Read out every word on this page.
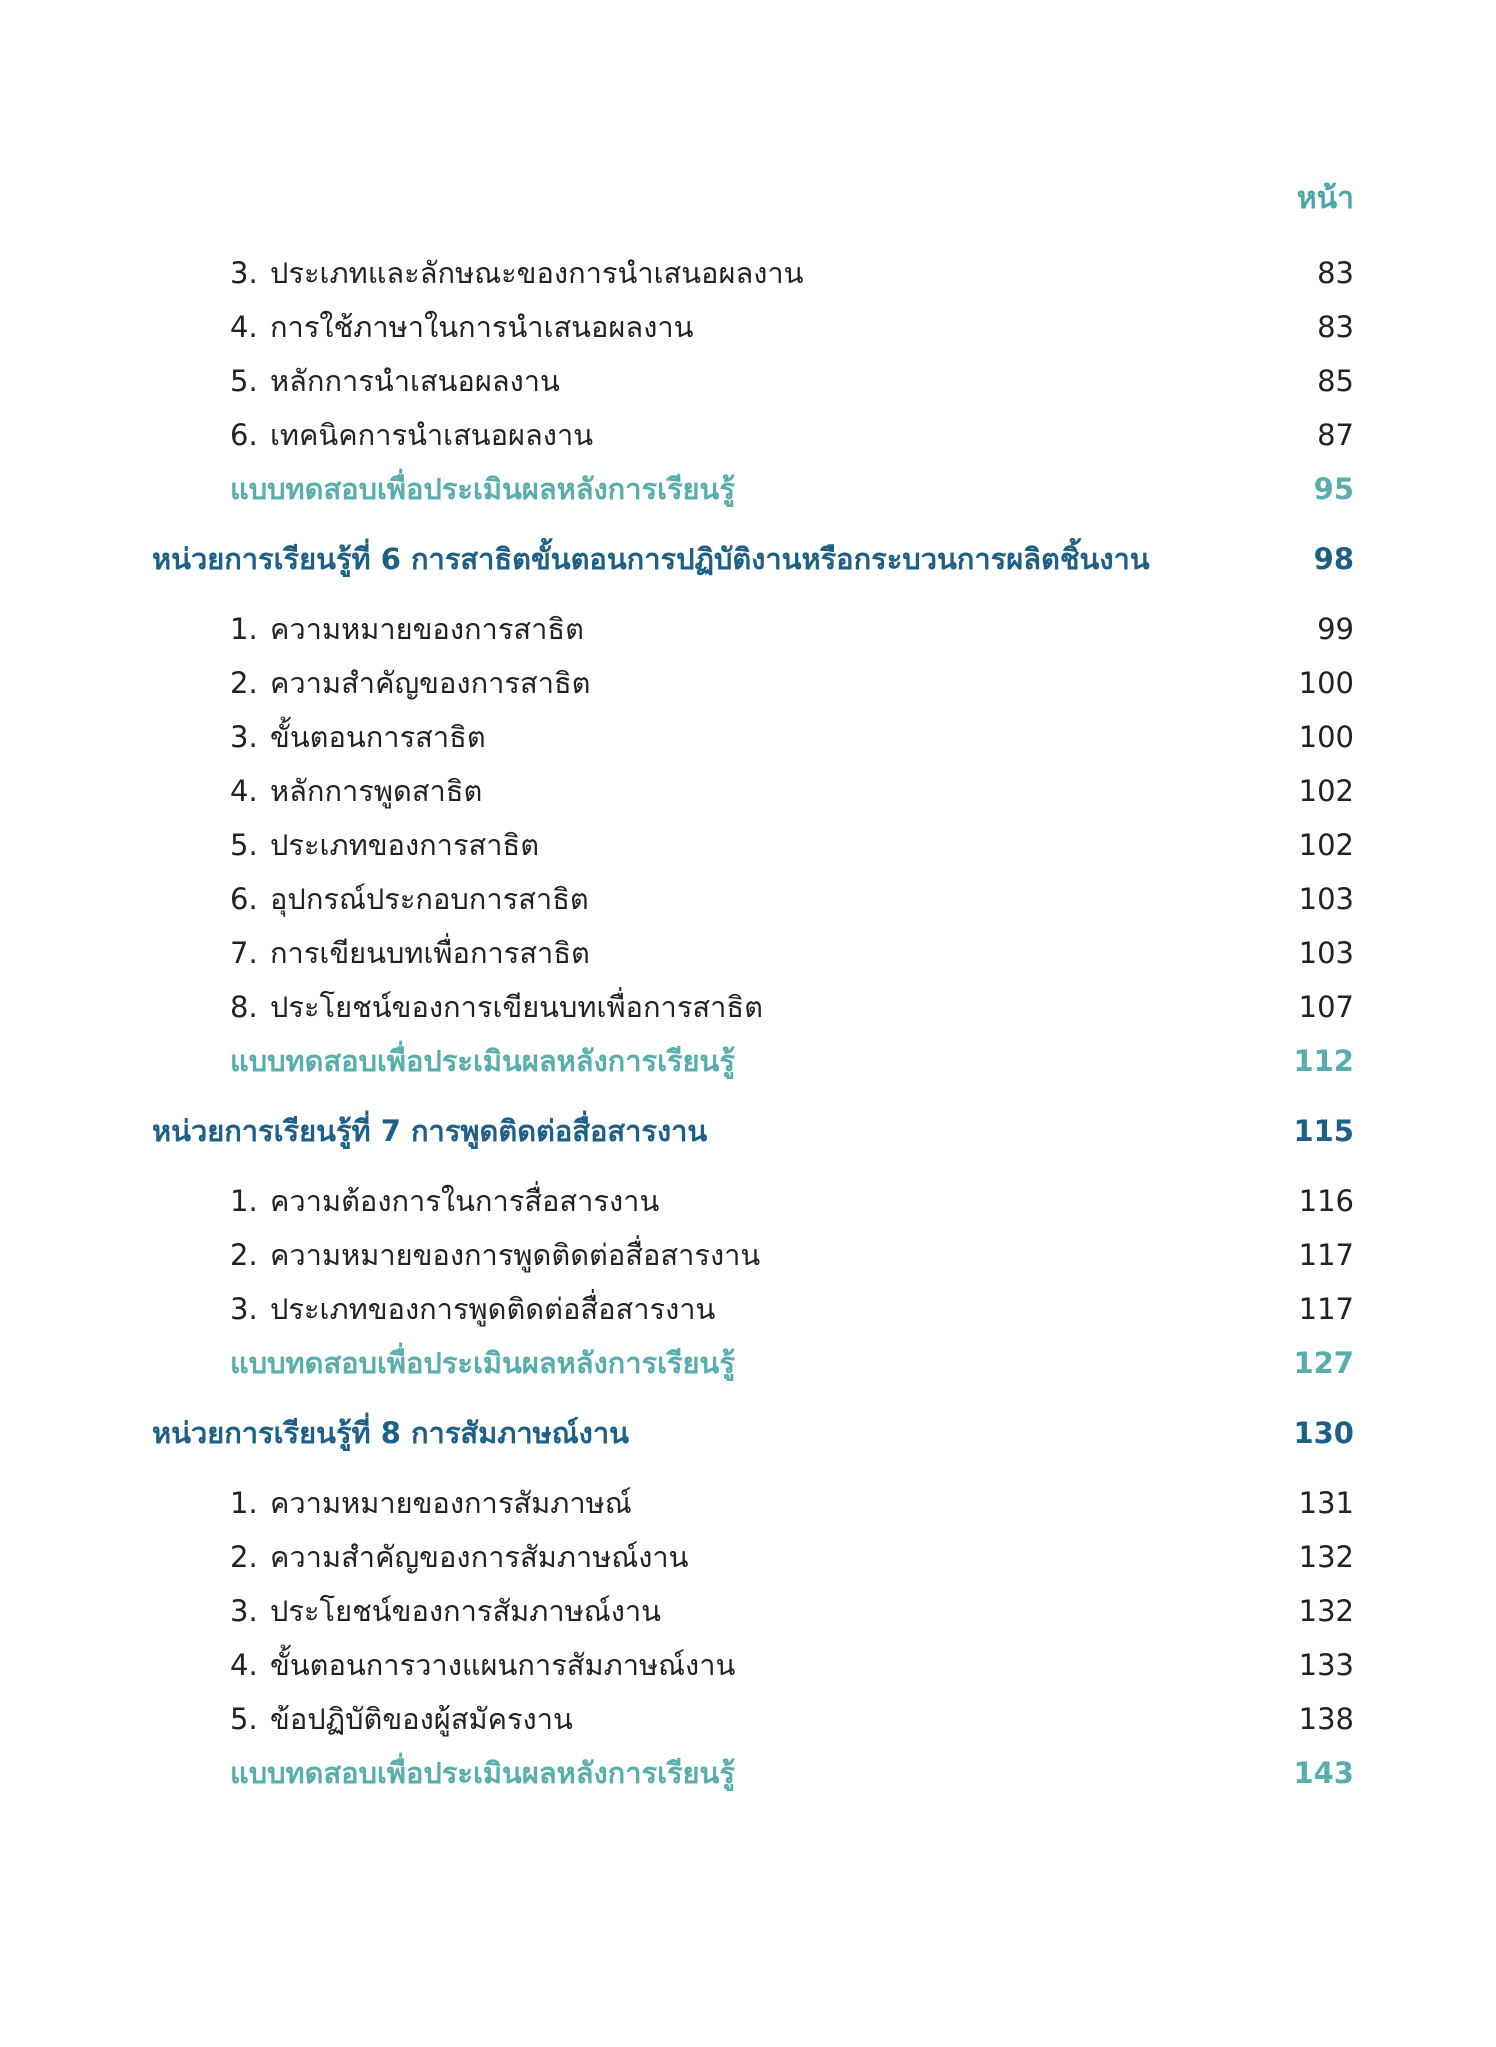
หน้า
3. ประเภทและลักษณะของการนำเสนอผลงาน	83
4. การใช้ภาษาในการนำเสนอผลงาน	83
5. หลักการนำเสนอผลงาน	85
6. เทคนิคการนำเสนอผลงาน	87
แบบทดสอบเพื่อประเมินผลหลังการเรียนรู้	95
หน่วยการเรียนรู้ที่ 6 การสาธิตขั้นตอนการปฏิบัติงานหรือกระบวนการผลิตชิ้นงาน	98
1. ความหมายของการสาธิต	99
2. ความสำคัญของการสาธิต	100
3. ขั้นตอนการสาธิต	100
4. หลักการพูดสาธิต	102
5. ประเภทของการสาธิต	102
6. อุปกรณ์ประกอบการสาธิต	103
7. การเขียนบทเพื่อการสาธิต	103
8. ประโยชน์ของการเขียนบทเพื่อการสาธิต	107
แบบทดสอบเพื่อประเมินผลหลังการเรียนรู้	112
หน่วยการเรียนรู้ที่ 7 การพูดติดต่อสื่อสารงาน	115
1. ความต้องการในการสื่อสารงาน	116
2. ความหมายของการพูดติดต่อสื่อสารงาน	117
3. ประเภทของการพูดติดต่อสื่อสารงาน	117
แบบทดสอบเพื่อประเมินผลหลังการเรียนรู้	127
หน่วยการเรียนรู้ที่ 8 การสัมภาษณ์งาน	130
1. ความหมายของการสัมภาษณ์	131
2. ความสำคัญของการสัมภาษณ์งาน	132
3. ประโยชน์ของการสัมภาษณ์งาน	132
4. ขั้นตอนการวางแผนการสัมภาษณ์งาน	133
5. ข้อปฏิบัติของผู้สมัครงาน	138
แบบทดสอบเพื่อประเมินผลหลังการเรียนรู้	143
